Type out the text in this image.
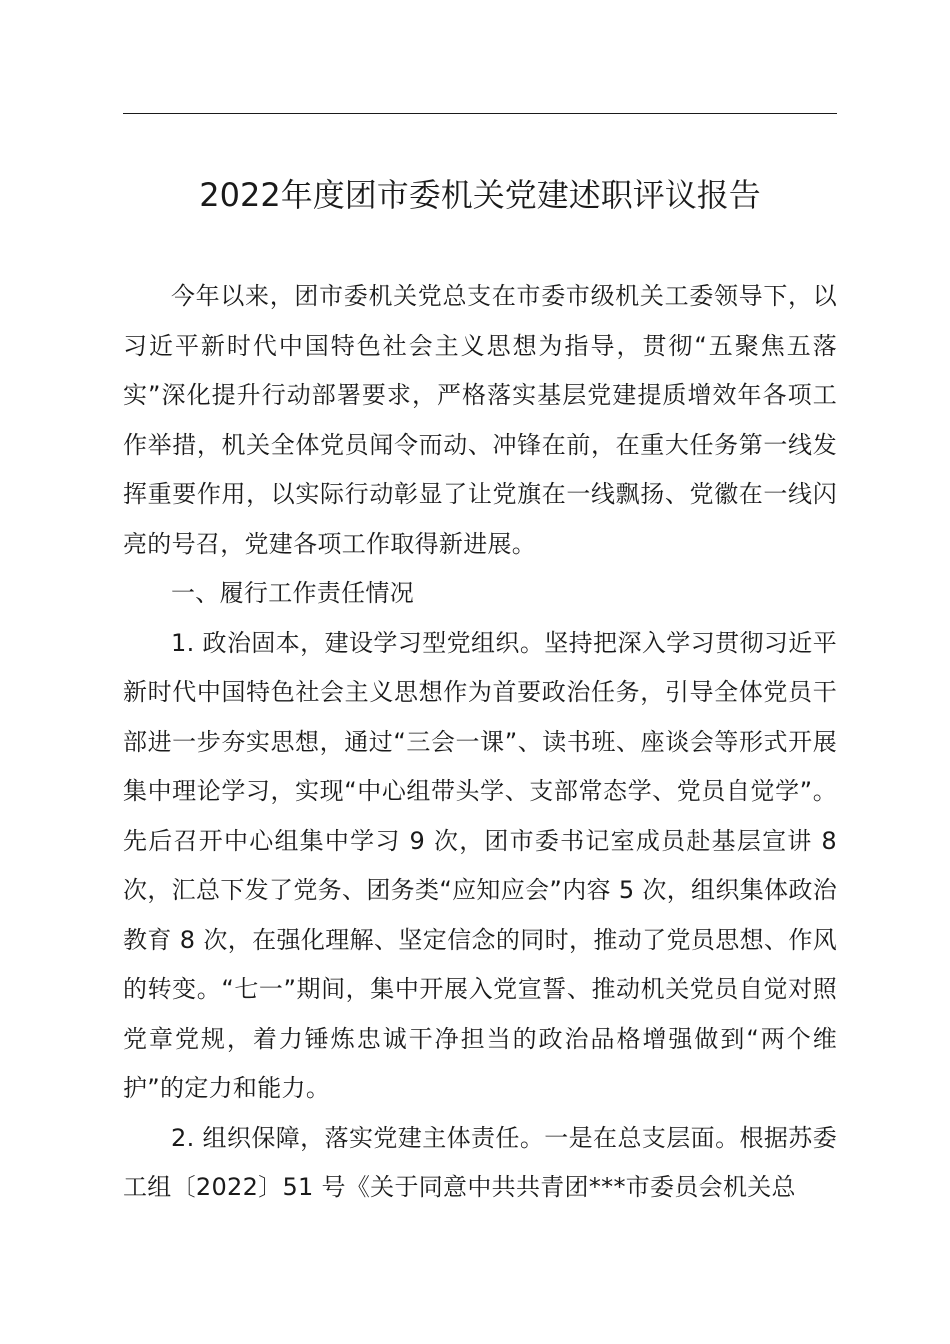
2022年度团市委机关党建述职评议报告

今年以来，团市委机关党总支在市委市级机关工委领导下，以习近平新时代中国特色社会主义思想为指导，贯彻“五聚焦五落实”深化提升行动部署要求，严格落实基层党建提质增效年各项工作举措，机关全体党员闻令而动、冲锋在前，在重大任务第一线发挥重要作用，以实际行动彰显了让党旗在一线飘扬、党徽在一线闪亮的号召，党建各项工作取得新进展。

一、履行工作责任情况

1. 政治固本，建设学习型党组织。坚持把深入学习贯彻习近平新时代中国特色社会主义思想作为首要政治任务，引导全体党员干部进一步夯实思想，通过“三会一课”、读书班、座谈会等形式开展集中理论学习，实现“中心组带头学、支部常态学、党员自觉学”。先后召开中心组集中学习 9 次，团市委书记室成员赴基层宣讲 8 次，汇总下发了党务、团务类“应知应会”内容 5 次，组织集体政治教育 8 次，在强化理解、坚定信念的同时，推动了党员思想、作风的转变。“七一”期间，集中开展入党宣誓、推动机关党员自觉对照党章党规，着力锤炼忠诚干净担当的政治品格增强做到“两个维护”的定力和能力。

2. 组织保障，落实党建主体责任。一是在总支层面。根据苏委工组〔2022〕51 号《关于同意中共共青团***市委员会机关总
